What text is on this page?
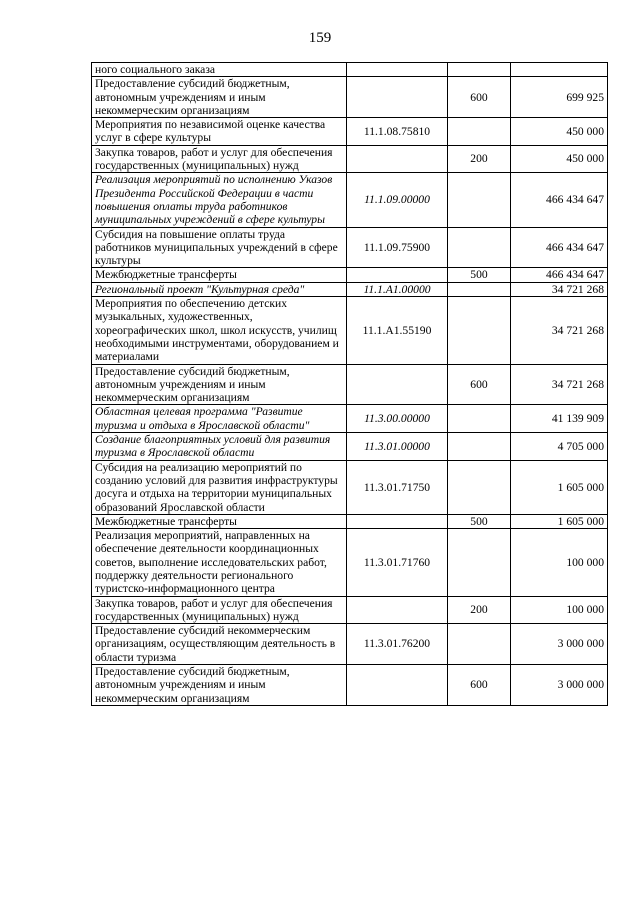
159
ного социального заказа			
Предоставление субсидий бюджетным, автономным учреждениям и иным некоммерческим организациям		600	699 925
Мероприятия по независимой оценке качества услуг в сфере культуры	11.1.08.75810		450 000
Закупка товаров, работ и услуг для обеспечения государственных (муниципальных) нужд		200	450 000
Реализация мероприятий по исполнению Указов Президента Российской Федерации в части повышения оплаты труда работников муниципальных учреждений в сфере культуры	11.1.09.00000		466 434 647
Субсидия на повышение оплаты труда работников муниципальных учреждений в сфере культуры	11.1.09.75900		466 434 647
Межбюджетные трансферты		500	466 434 647
Региональный проект "Культурная среда"	11.1.А1.00000		34 721 268
Мероприятия по обеспечению детских музыкальных, художественных, хореографических школ, школ искусств, училищ необходимыми инструментами, оборудованием и материалами	11.1.А1.55190		34 721 268
Предоставление субсидий бюджетным, автономным учреждениям и иным некоммерческим организациям		600	34 721 268
Областная целевая программа "Развитие туризма и отдыха в Ярославской области"	11.3.00.00000		41 139 909
Создание благоприятных условий для развития туризма в Ярославской области	11.3.01.00000		4 705 000
Субсидия на реализацию мероприятий по созданию условий для развития инфраструктуры досуга и отдыха на территории муниципальных образований Ярославской области	11.3.01.71750		1 605 000
Межбюджетные трансферты		500	1 605 000
Реализация мероприятий, направленных на обеспечение деятельности координационных советов, выполнение исследовательских работ, поддержку деятельности регионального туристско-информационного центра	11.3.01.71760		100 000
Закупка товаров, работ и услуг для обеспечения государственных (муниципальных) нужд		200	100 000
Предоставление субсидий некоммерческим организациям, осуществляющим деятельность в области туризма	11.3.01.76200		3 000 000
Предоставление субсидий бюджетным, автономным учреждениям и иным некоммерческим организациям		600	3 000 000
